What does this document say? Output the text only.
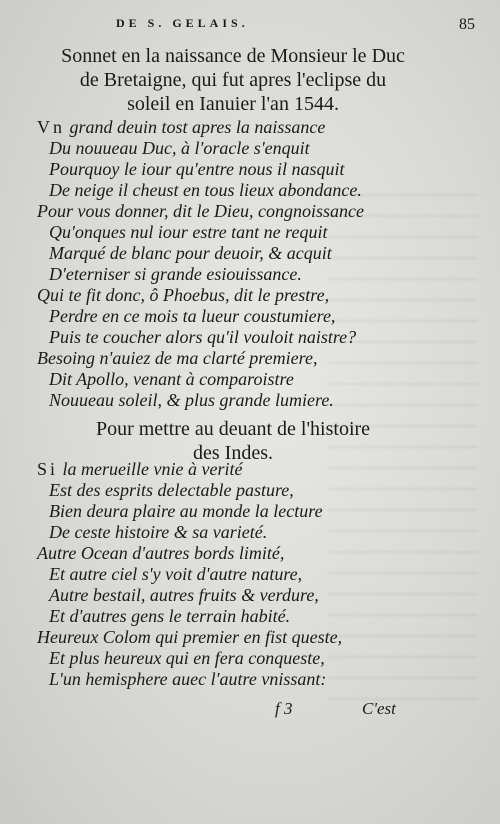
DE S. GELAIS.	85
Sonnet en la naissance de Monsieur le Duc
de Bretaigne, qui fut apres l'eclipse du
soleil en Ianuier l'an 1544.
Vn grand deuin tost apres la naissance
Du nouueau Duc, à l'oracle s'enquit
Pourquoy le iour qu'entre nous il nasquit
De neige il cheust en tous lieux abondance.
Pour vous donner, dit le Dieu, congnoissance
Qu'onques nul iour estre tant ne requit
Marqué de blanc pour deuoir, & acquit
D'eterniser si grande esiouissance.
Qui te fit donc, ô Phoebus, dit le prestre,
Perdre en ce mois ta lueur coustumiere,
Puis te coucher alors qu'il vouloit naistre?
Besoing n'auiez de ma clarté premiere,
Dit Apollo, venant à comparoistre
Nouueau soleil, & plus grande lumiere.
Pour mettre au deuant de l'histoire
des Indes.
Si la merueille vnie à verité
Est des esprits delectable pasture,
Bien deura plaire au monde la lecture
De ceste histoire & sa varieté.
Autre Ocean d'autres bords limité,
Et autre ciel s'y voit d'autre nature,
Autre bestail, autres fruits & verdure,
Et d'autres gens le terrain habité.
Heureux Colom qui premier en fist queste,
Et plus heureux qui en fera conqueste,
L'un hemisphere auec l'autre vnissant:
f 3	C'est
